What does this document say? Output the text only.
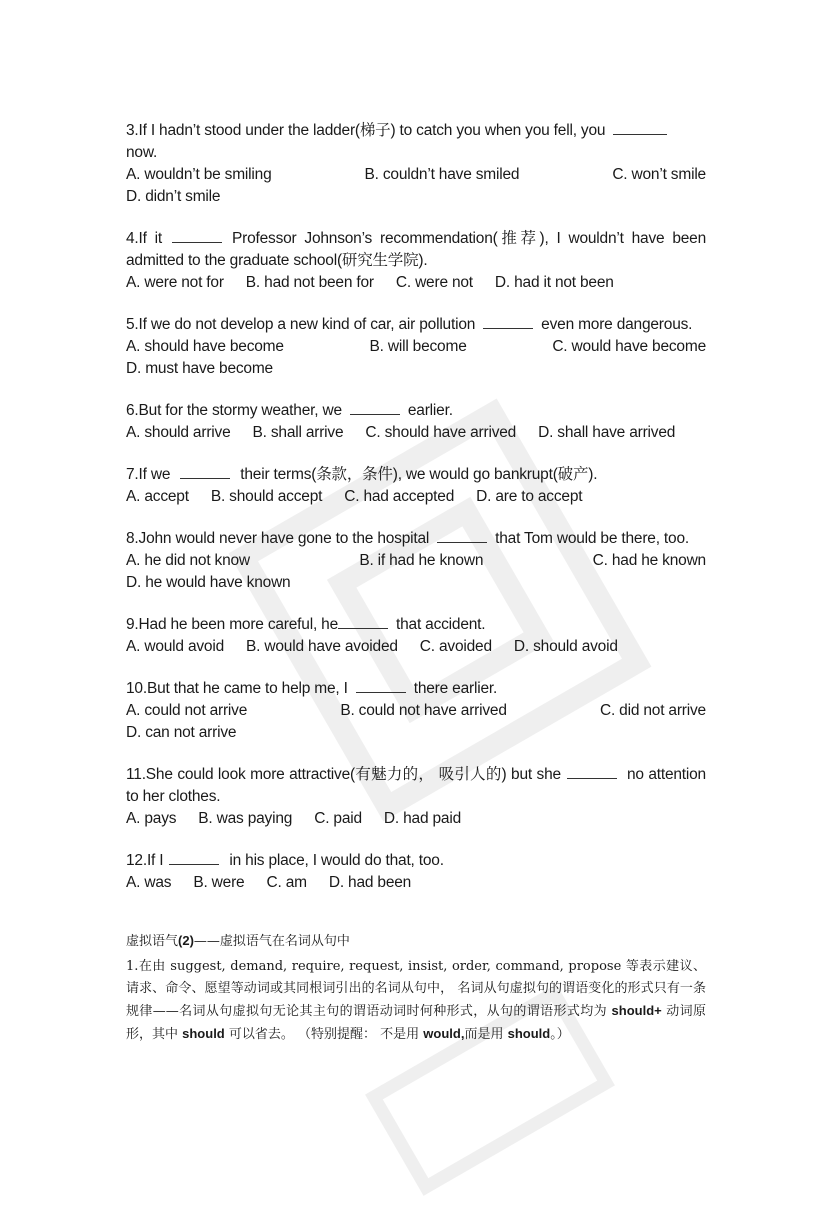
3.If I hadn’t stood under the ladder(梯子) to catch you when you fell, you
now.

A. wouldn’t be smiling	B. couldn’t have smiled	C. won’t smile
D. didn’t smile

4.If it	Professor Johnson’s recommendation(推荐), I wouldn’t have been admitted to the graduate school(研究生学院).

A. were not for B. had not been for C. were not D. had it not been

5.If we do not develop a new kind of car, air pollution	even more dangerous.

A. should have become	B. will become	C. would have become
D. must have become

6.But for the stormy weather, we	earlier.

A. should arrive B. shall arrive C. should have arrived D. shall have arrived

7.If we	their terms(条款，条件), we would go bankrupt(破产).

A. accept B. should accept C. had accepted D. are to accept

8.John would never have gone to the hospital	that Tom would be there, too.

A. he did not know	B. if had he known	C. had he known
D. he would have known

9.Had he been more careful, he	that accident.

A. would avoid B. would have avoided C. avoided D. should avoid

10.But that he came to help me, I	there earlier.

A. could not arrive	B. could not have arrived	C. did not arrive
D. can not arrive

11.She could look more attractive(有魅力的， 吸引人的) but she	no attention to her clothes.

A. pays B. was paying C. paid D. had paid

12.If I	in his place, I would do that, too.

A. was B. were C. am D. had been

虚拟语气(2)——虚拟语气在名词从句中

1.在由 suggest, demand, require, request, insist, order, command, propose 等表示建议、请求、命令、愿望等动词或其同根词引出的名词从句中， 名词从句虚拟句的谓语变化的形式只有一条规律——名词从句虚拟句无论其主句的谓语动词时何种形式，从句的谓语形式均为 should+ 动词原形，其中 should 可以省去。 （特别提醒： 不是用 would,而是用 should。）
